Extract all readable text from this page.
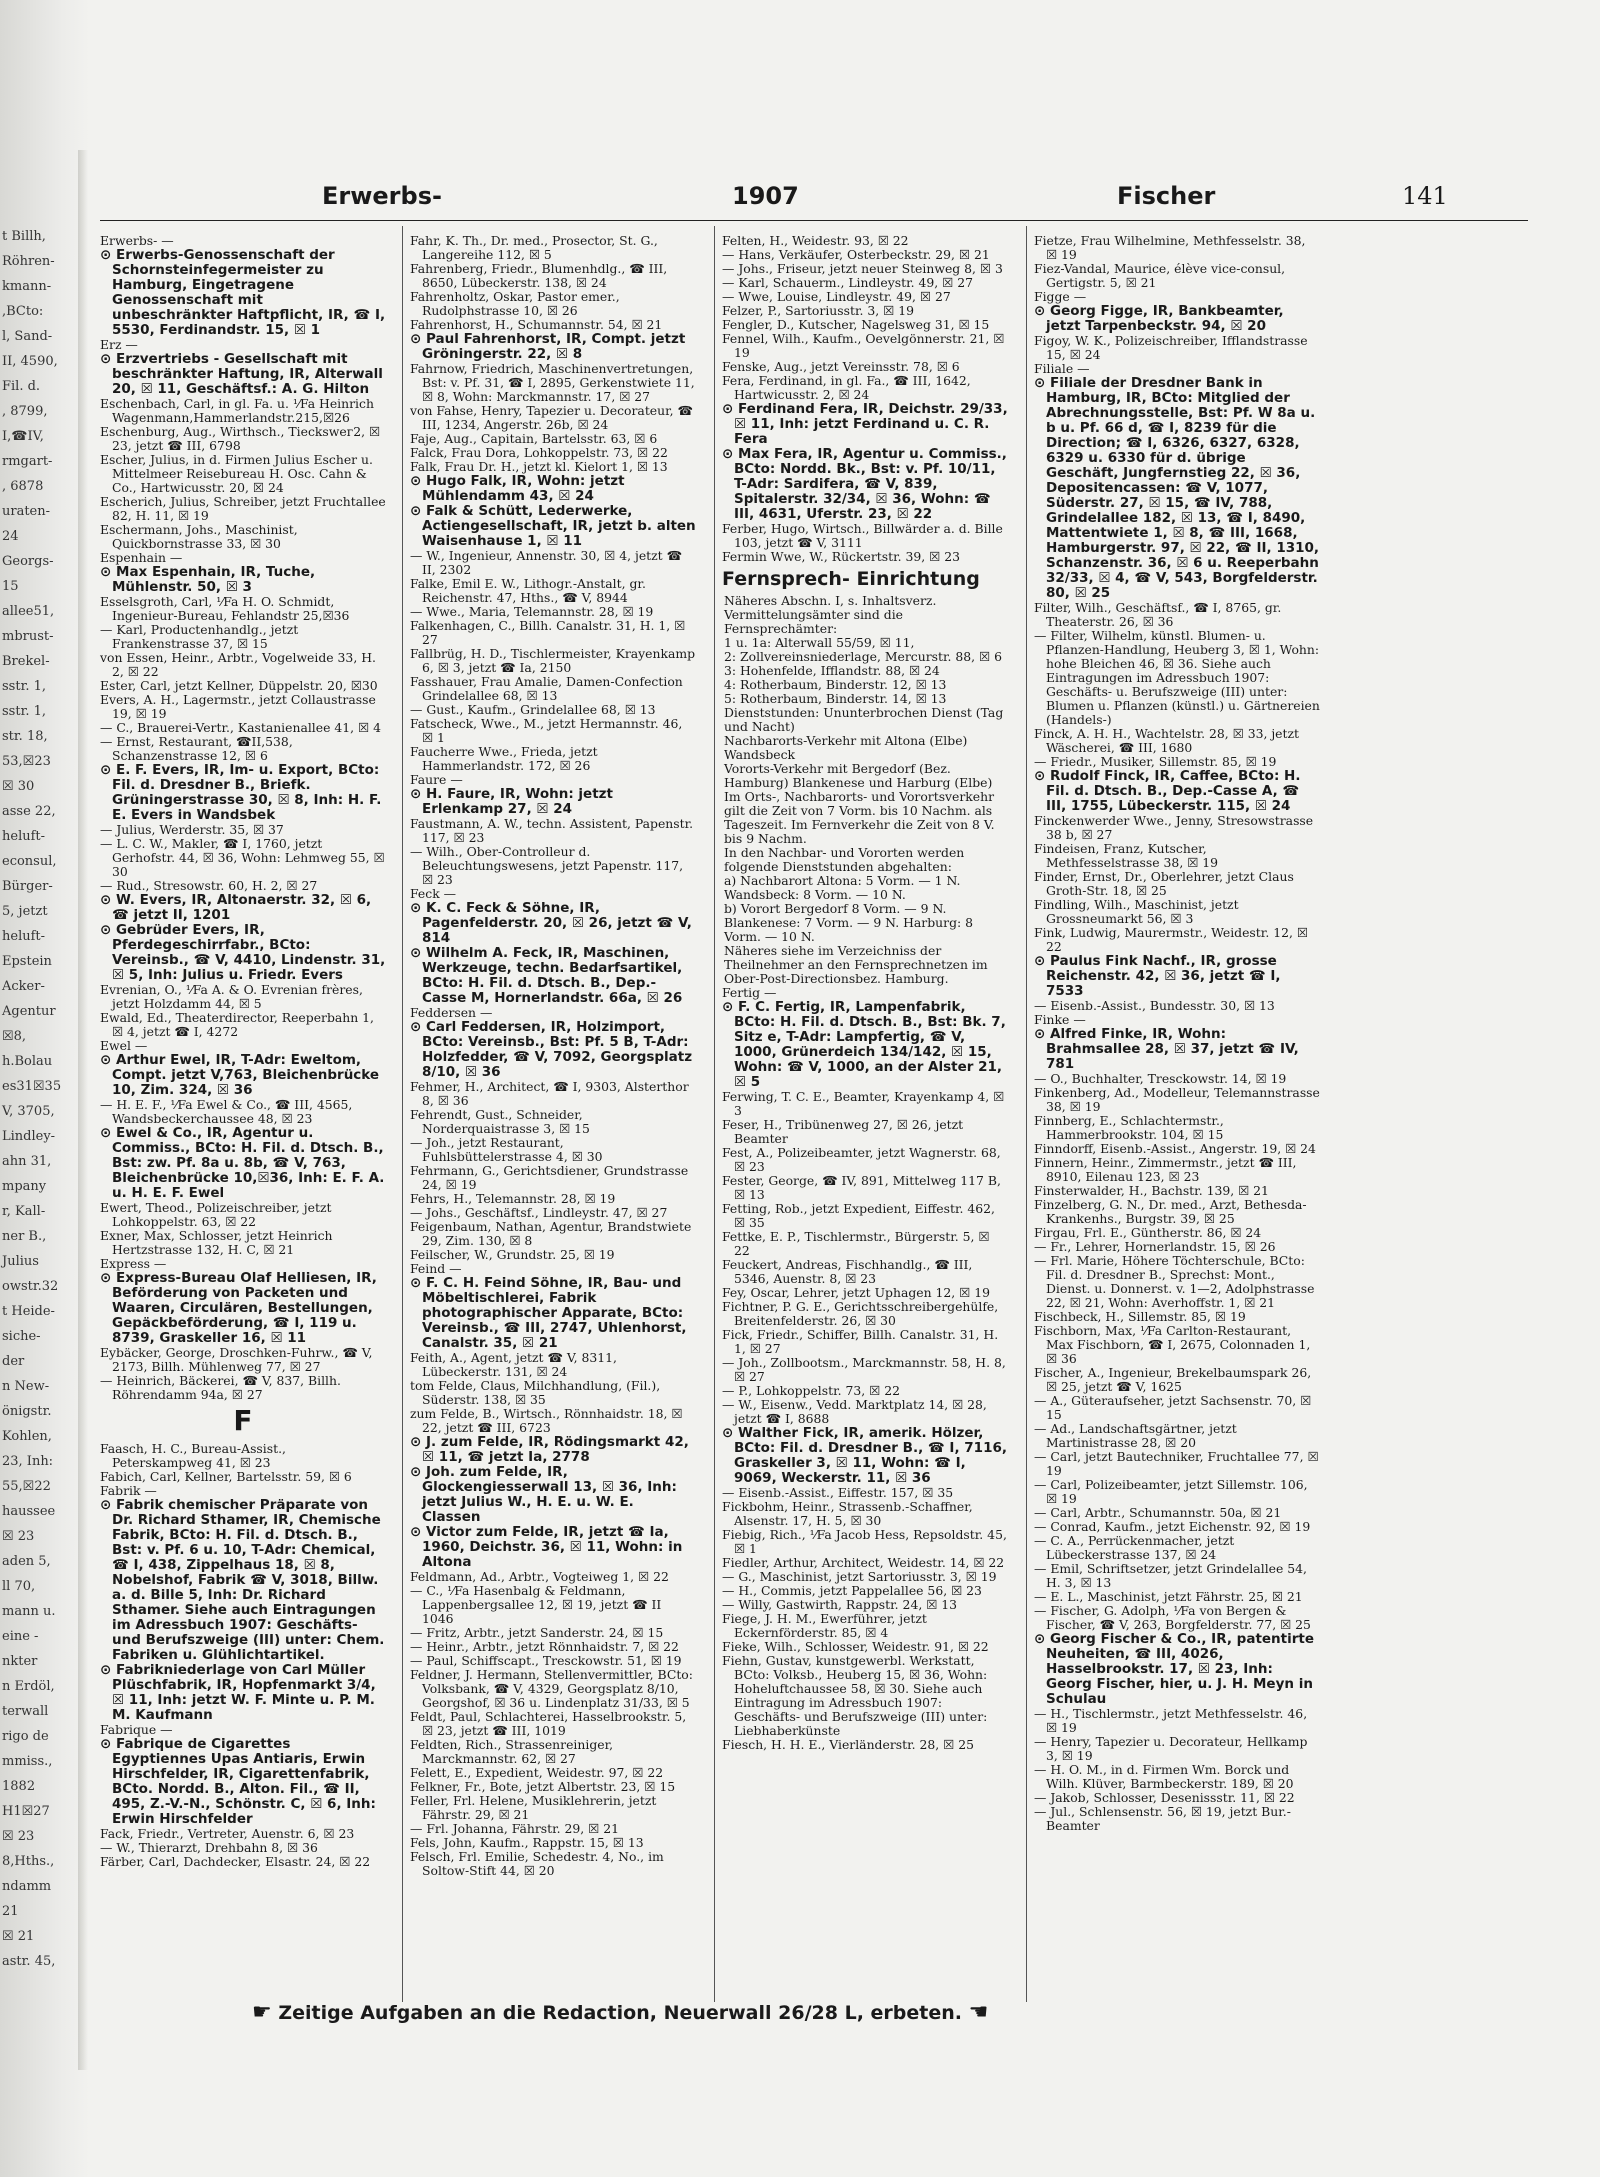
t Billh,
Röhren-
kmann-
,BCto:
l, Sand-
II, 4590,
Fil. d.
, 8799,
I,☎IV,
rmgart-
, 6878
uraten-
24
Georgs-
15
allee51,
mbrust-
Brekel-
sstr. 1,
sstr. 1,
str. 18,
53,☒23
☒ 30
asse 22,
heluft-
econsul,
Bürger-
5, jetzt
heluft-
Epstein
Acker-
Agentur
☒8,
h.Bolau
es31☒35
V, 3705,
Lindley-
ahn 31,
mpany
r, Kall-
ner B.,
Julius
owstr.32
t Heide-
siche-
der
n New-
önigstr.
Kohlen,
23, Inh:
55,☒22
haussee
☒ 23
aden 5,
ll 70,
mann u.
eine -
nkter
n Erdöl,
terwall
rigo de
mmiss.,
1882
H1☒27
☒ 23
8,Hths.,
ndamm
21
☒ 21
astr. 45,
Erwerbs-	1907	Fischer	141

Erwerbs- —

⊙ Erwerbs-Genossenschaft der Schornsteinfegermeister zu Hamburg, Eingetragene Genossenschaft mit unbeschränkter Haftpflicht, IR, ☎ I, 5530, Ferdinandstr. 15, ☒ 1

Erz —

⊙ Erzvertriebs - Gesellschaft mit beschränkter Haftung, IR, Alterwall 20, ☒ 11, Geschäftsf.: A. G. Hilton

Eschenbach, Carl, in gl. Fa. u. ⅟Fa Heinrich Wagenmann,Hammerlandstr.215,☒26

Eschenburg, Aug., Wirthsch., Tieckswег2, ☒ 23, jetzt ☎ III, 6798

Escher, Julius, in d. Firmen Julius Escher u. Mittelmeer Reisebureau H. Osc. Cahn & Co., Hartwicusstr. 20, ☒ 24

Escherich, Julius, Schreiber, jetzt Fruchtallee 82, H. 11, ☒ 19

Eschermann, Johs., Maschinist, Quickbornstrasse 33, ☒ 30

Espenhain —

⊙ Max Espenhain, IR, Tuche, Mühlenstr. 50, ☒ 3

Esselsgroth, Carl, ⅟Fa H. O. Schmidt, Ingenieur-Bureau, Fehlandstr 25,☒36

— Karl, Productenhandlg., jetzt Frankenstrasse 37, ☒ 15

von Essen, Heinr., Arbtr., Vogelweide 33, H. 2, ☒ 22

Ester, Carl, jetzt Kellner, Düppelstr. 20, ☒30

Evers, A. H., Lagermstr., jetzt Collaustrasse 19, ☒ 19

— C., Brauerei-Vertr., Kastanienallee 41, ☒ 4

— Ernst, Restaurant, ☎II,538, Schanzenstrasse 12, ☒ 6

⊙ E. F. Evers, IR, Im- u. Export, BCto: Fil. d. Dresdner B., Briefk. Grüningerstrasse 30, ☒ 8, Inh: H. F. E. Evers in Wandsbek

— Julius, Werderstr. 35, ☒ 37

— L. C. W., Makler, ☎ I, 1760, jetzt Gerhofstr. 44, ☒ 36, Wohn: Lehmweg 55, ☒ 30

— Rud., Stresowstr. 60, H. 2, ☒ 27

⊙ W. Evers, IR, Altonaerstr. 32, ☒ 6, ☎ jetzt II, 1201

⊙ Gebrüder Evers, IR, Pferdegeschirrfabr., BCto: Vereinsb., ☎ V, 4410, Lindenstr. 31, ☒ 5, Inh: Julius u. Friedr. Evers

Evrenian, O., ⅟Fa A. & O. Evrenian frères, jetzt Holzdamm 44, ☒ 5

Ewald, Ed., Theaterdirector, Reeperbahn 1, ☒ 4, jetzt ☎ I, 4272

Ewel —

⊙ Arthur Ewel, IR, T-Adr: Eweltom, Compt. jetzt V,763, Bleichenbrücke 10, Zim. 324, ☒ 36

— H. E. F., ⅟Fa Ewel & Co., ☎ III, 4565, Wandsbeckerchaussee 48, ☒ 23

⊙ Ewel & Co., IR, Agentur u. Commiss., BCto: H. Fil. d. Dtsch. B., Bst: zw. Pf. 8a u. 8b, ☎ V, 763, Bleichenbrücke 10,☒36, Inh: E. F. A. u. H. E. F. Ewel

Ewert, Theod., Polizeischreiber, jetzt Lohkoppelstr. 63, ☒ 22

Exner, Max, Schlosser, jetzt Heinrich Hertzstrasse 132, H. C, ☒ 21

Express —

⊙ Express-Bureau Olaf Helliesen, IR, Beförderung von Packeten und Waaren, Circulären, Bestellungen, Gepäckbeförderung, ☎ I, 119 u. 8739, Graskeller 16, ☒ 11

Eybäcker, George, Droschken-Fuhrw., ☎ V, 2173, Billh. Mühlenweg 77, ☒ 27

— Heinrich, Bäckerei, ☎ V, 837, Billh. Röhrendamm 94a, ☒ 27

F

Faasch, H. C., Bureau-Assist., Peterskampweg 41, ☒ 23

Fabich, Carl, Kellner, Bartelsstr. 59, ☒ 6

Fabrik —

⊙ Fabrik chemischer Präparate von Dr. Richard Sthamer, IR, Chemische Fabrik, BCto: H. Fil. d. Dtsch. B., Bst: v. Pf. 6 u. 10, T-Adr: Chemical, ☎ I, 438, Zippelhaus 18, ☒ 8, Nobelshof, Fabrik ☎ V, 3018, Billw. a. d. Bille 5, Inh: Dr. Richard Sthamer. Siehe auch Eintragungen im Adressbuch 1907: Geschäfts- und Berufszweige (III) unter: Chem. Fabriken u. Glühlichtartikel.

⊙ Fabrikniederlage von Carl Müller Plüschfabrik, IR, Hopfenmarkt 3/4, ☒ 11, Inh: jetzt W. F. Minte u. P. M. M. Kaufmann

Fabrique —

⊙ Fabrique de Cigarettes Egyptiennes Upas Antiaris, Erwin Hirschfelder, IR, Cigarettenfabrik, BCto. Nordd. B., Alton. Fil., ☎ II, 495, Z.-V.-N., Schönstr. C, ☒ 6, Inh: Erwin Hirschfelder

Fack, Friedr., Vertreter, Auenstr. 6, ☒ 23

— W., Thierarzt, Drehbahn 8, ☒ 36

Färber, Carl, Dachdecker, Elsastr. 24, ☒ 22

Fahr, K. Th., Dr. med., Prosector, St. G., Langereihe 112, ☒ 5

Fahrenberg, Friedr., Blumenhdlg., ☎ III, 8650, Lübeckerstr. 138, ☒ 24

Fahrenholtz, Oskar, Pastor emer., Rudolphstrasse 10, ☒ 26

Fahrenhorst, H., Schumannstr. 54, ☒ 21

⊙ Paul Fahrenhorst, IR, Compt. jetzt Gröningerstr. 22, ☒ 8

Fahrnow, Friedrich, Maschinenvertretungen, Bst: v. Pf. 31, ☎ I, 2895, Gerkenstwiete 11, ☒ 8, Wohn: Marckmannstr. 17, ☒ 27

von Fahse, Henry, Tapezier u. Decorateur, ☎ III, 1234, Angerstr. 26b, ☒ 24

Faje, Aug., Capitain, Bartelsstr. 63, ☒ 6

Falck, Frau Dora, Lohkoppelstr. 73, ☒ 22

Falk, Frau Dr. H., jetzt kl. Kielort 1, ☒ 13

⊙ Hugo Falk, IR, Wohn: jetzt Mühlendamm 43, ☒ 24

⊙ Falk & Schütt, Lederwerke, Actiengesellschaft, IR, jetzt b. alten Waisenhause 1, ☒ 11

— W., Ingenieur, Annenstr. 30, ☒ 4, jetzt ☎ II, 2302

Falke, Emil E. W., Lithogr.-Anstalt, gr. Reichenstr. 47, Hths., ☎ V, 8944

— Wwe., Maria, Telemannstr. 28, ☒ 19

Falkenhagen, C., Billh. Canalstr. 31, H. 1, ☒ 27

Fallbrüg, H. D., Tischlermeister, Krayenkamp 6, ☒ 3, jetzt ☎ Ia, 2150

Fasshauer, Frau Amalie, Damen-Confection Grindelallee 68, ☒ 13

— Gust., Kaufm., Grindelallee 68, ☒ 13

Fatscheck, Wwe., M., jetzt Hermannstr. 46, ☒ 1

Faucherre Wwe., Frieda, jetzt Hammerlandstr. 172, ☒ 26

Faure —

⊙ H. Faure, IR, Wohn: jetzt Erlenkamp 27, ☒ 24

Faustmann, A. W., techn. Assistent, Papenstr. 117, ☒ 23

— Wilh., Ober-Controlleur d. Beleuchtungswesens, jetzt Papenstr. 117, ☒ 23

Feck —

⊙ K. C. Feck & Söhne, IR, Pagenfelderstr. 20, ☒ 26, jetzt ☎ V, 814

⊙ Wilhelm A. Feck, IR, Maschinen, Werkzeuge, techn. Bedarfsartikel, BCto: H. Fil. d. Dtsch. B., Dep.-Casse M, Hornerlandstr. 66a, ☒ 26

Feddersen —

⊙ Carl Feddersen, IR, Holzimport, BCto: Vereinsb., Bst: Pf. 5 B, T-Adr: Holzfedder, ☎ V, 7092, Georgsplatz 8/10, ☒ 36

Fehmer, H., Architect, ☎ I, 9303, Alsterthor 8, ☒ 36

Fehrendt, Gust., Schneider, Norderquaistrasse 3, ☒ 15

— Joh., jetzt Restaurant, Fuhlsbüttelerstrasse 4, ☒ 30

Fehrmann, G., Gerichtsdiener, Grundstrasse 24, ☒ 19

Fehrs, H., Telemannstr. 28, ☒ 19

— Johs., Geschäftsf., Lindleystr. 47, ☒ 27

Feigenbaum, Nathan, Agentur, Brandstwiete 29, Zim. 130, ☒ 8

Feilscher, W., Grundstr. 25, ☒ 19

Feind —

⊙ F. C. H. Feind Söhne, IR, Bau- und Möbeltischlerei, Fabrik photographischer Apparate, BCto: Vereinsb., ☎ III, 2747, Uhlenhorst, Canalstr. 35, ☒ 21

Feith, A., Agent, jetzt ☎ V, 8311, Lübeckerstr. 131, ☒ 24

tom Felde, Claus, Milchhandlung, (Fil.), Süderstr. 138, ☒ 35

zum Felde, B., Wirtsch., Rönnhaidstr. 18, ☒ 22, jetzt ☎ III, 6723

⊙ J. zum Felde, IR, Rödingsmarkt 42, ☒ 11, ☎ jetzt Ia, 2778

⊙ Joh. zum Felde, IR, Glockengiesserwall 13, ☒ 36, Inh: jetzt Julius W., H. E. u. W. E. Classen

⊙ Victor zum Felde, IR, jetzt ☎ Ia, 1960, Deichstr. 36, ☒ 11, Wohn: in Altona

Feldmann, Ad., Arbtr., Vogteiweg 1, ☒ 22

— C., ⅟Fa Hasenbalg & Feldmann, Lappenbergsallee 12, ☒ 19, jetzt ☎ II 1046

— Fritz, Arbtr., jetzt Sanderstr. 24, ☒ 15

— Heinr., Arbtr., jetzt Rönnhaidstr. 7, ☒ 22

— Paul, Schiffscapt., Tresckowstr. 51, ☒ 19

Feldner, J. Hermann, Stellenvermittler, BCto: Volksbank, ☎ V, 4329, Georgsplatz 8/10, Georgshof, ☒ 36 u. Lindenplatz 31/33, ☒ 5

Feldt, Paul, Schlachterei, Hasselbrookstr. 5, ☒ 23, jetzt ☎ III, 1019

Feldten, Rich., Strassenreiniger, Marckmannstr. 62, ☒ 27

Felett, E., Expedient, Weidestr. 97, ☒ 22

Felkner, Fr., Bote, jetzt Albertstr. 23, ☒ 15

Feller, Frl. Helene, Musiklehrerin, jetzt Fährstr. 29, ☒ 21

— Frl. Johanna, Fährstr. 29, ☒ 21

Fels, John, Kaufm., Rappstr. 15, ☒ 13

Felsch, Frl. Emilie, Schedestr. 4, No., im Soltow-Stift 44, ☒ 20

Felten, H., Weidestr. 93, ☒ 22

— Hans, Verkäufer, Osterbeckstr. 29, ☒ 21

— Johs., Friseur, jetzt neuer Steinweg 8, ☒ 3

— Karl, Schauerm., Lindleystr. 49, ☒ 27

— Wwe, Louise, Lindleystr. 49, ☒ 27

Felzer, P., Sartoriusstr. 3, ☒ 19

Fengler, D., Kutscher, Nagelsweg 31, ☒ 15

Fennel, Wilh., Kaufm., Oevelgönnerstr. 21, ☒ 19

Fenske, Aug., jetzt Vereinsstr. 78, ☒ 6

Fera, Ferdinand, in gl. Fa., ☎ III, 1642, Hartwicusstr. 2, ☒ 24

⊙ Ferdinand Fera, IR, Deichstr. 29/33, ☒ 11, Inh: jetzt Ferdinand u. C. R. Fera

⊙ Max Fera, IR, Agentur u. Commiss., BCto: Nordd. Bk., Bst: v. Pf. 10/11, T-Adr: Sardifera, ☎ V, 839, Spitalerstr. 32/34, ☒ 36, Wohn: ☎ III, 4631, Uferstr. 23, ☒ 22

Ferber, Hugo, Wirtsch., Billwärder a. d. Bille 103, jetzt ☎ V, 3111

Fermin Wwe, W., Rückertstr. 39, ☒ 23

Fernsprech- Einrichtung

Näheres Abschn. I, s. Inhaltsverz.

Vermittelungsämter sind die Fernsprechämter:

1 u. 1a: Alterwall 55/59, ☒ 11,

2: Zollvereinsniederlage, Mercurstr. 88, ☒ 6

3: Hohenfelde, Ifflandstr. 88, ☒ 24

4: Rotherbaum, Binderstr. 12, ☒ 13

5: Rotherbaum, Binderstr. 14, ☒ 13

Dienststunden: Ununterbrochen Dienst (Tag und Nacht)

Nachbarorts-Verkehr mit Altona (Elbe) Wandsbeck

Vororts-Verkehr mit Bergedorf (Bez. Hamburg) Blankenese und Harburg (Elbe)

Im Orts-, Nachbarorts- und Vorortsverkehr gilt die Zeit von 7 Vorm. bis 10 Nachm. als Tageszeit. Im Fernverkehr die Zeit von 8 V. bis 9 Nachm.

In den Nachbar- und Vororten werden folgende Dienststunden abgehalten:

a) Nachbarort Altona: 5 Vorm. — 1 N. Wandsbeck: 8 Vorm. — 10 N.

b) Vorort Bergedorf 8 Vorm. — 9 N. Blankenese: 7 Vorm. — 9 N. Harburg: 8 Vorm. — 10 N.

Näheres siehe im Verzeichniss der Theilnehmer an den Fernsprechnetzen im Ober-Post-Directionsbez. Hamburg.

Fertig —

⊙ F. C. Fertig, IR, Lampenfabrik, BCto: H. Fil. d. Dtsch. B., Bst: Bk. 7, Sitz e, T-Adr: Lampfertig, ☎ V, 1000, Grünerdeich 134/142, ☒ 15, Wohn: ☎ V, 1000, an der Alster 21, ☒ 5

Ferwing, T. C. E., Beamter, Krayenkamp 4, ☒ 3

Feser, H., Tribünenweg 27, ☒ 26, jetzt Beamter

Fest, A., Polizeibeamter, jetzt Wagnerstr. 68, ☒ 23

Fester, George, ☎ IV, 891, Mittelweg 117 B, ☒ 13

Fetting, Rob., jetzt Expedient, Eiffestr. 462, ☒ 35

Fettke, E. P., Tischlermstr., Bürgerstr. 5, ☒ 22

Feuckert, Andreas, Fischhandlg., ☎ III, 5346, Auenstr. 8, ☒ 23

Fey, Oscar, Lehrer, jetzt Uphagen 12, ☒ 19

Fichtner, P. G. E., Gerichtsschreibergehülfe, Breitenfelderstr. 26, ☒ 30

Fick, Friedr., Schiffer, Billh. Canalstr. 31, H. 1, ☒ 27

— Joh., Zollbootsm., Marckmannstr. 58, H. 8, ☒ 27

— P., Lohkoppelstr. 73, ☒ 22

— W., Eisenw., Vedd. Marktplatz 14, ☒ 28, jetzt ☎ I, 8688

⊙ Walther Fick, IR, amerik. Hölzer, BCto: Fil. d. Dresdner B., ☎ I, 7116, Graskeller 3, ☒ 11, Wohn: ☎ I, 9069, Weckerstr. 11, ☒ 36

— Eisenb.-Assist., Eiffestr. 157, ☒ 35

Fickbohm, Heinr., Strassenb.-Schaffner, Alsenstr. 17, H. 5, ☒ 30

Fiebig, Rich., ⅟Fa Jacob Hess, Repsoldstr. 45, ☒ 1

Fiedler, Arthur, Architect, Weidestr. 14, ☒ 22

— G., Maschinist, jetzt Sartoriusstr. 3, ☒ 19

— H., Commis, jetzt Pappelallee 56, ☒ 23

— Willy, Gastwirth, Rappstr. 24, ☒ 13

Fiege, J. H. M., Ewerführer, jetzt Eckernförderstr. 85, ☒ 4

Fieke, Wilh., Schlosser, Weidestr. 91, ☒ 22

Fiehn, Gustav, kunstgewerbl. Werkstatt, BCto: Volksb., Heuberg 15, ☒ 36, Wohn: Hoheluftchaussee 58, ☒ 30. Siehe auch Eintragung im Adressbuch 1907: Geschäfts- und Berufszweige (III) unter: Liebhaberkünste

Fiesch, H. H. E., Vierländerstr. 28, ☒ 25

Fietze, Frau Wilhelmine, Methfesselstr. 38, ☒ 19

Fiez-Vandal, Maurice, élève vice-consul, Gertigstr. 5, ☒ 21

Figge —

⊙ Georg Figge, IR, Bankbeamter, jetzt Tarpenbeckstr. 94, ☒ 20

Figoy, W. K., Polizeischreiber, Ifflandstrasse 15, ☒ 24

Filiale —

⊙ Filiale der Dresdner Bank in Hamburg, IR, BCto: Mitglied der Abrechnungsstelle, Bst: Pf. W 8a u. b u. Pf. 66 d, ☎ I, 8239 für die Direction; ☎ I, 6326, 6327, 6328, 6329 u. 6330 für d. übrige Geschäft, Jungfernstieg 22, ☒ 36, Depositencassen: ☎ V, 1077, Süderstr. 27, ☒ 15, ☎ IV, 788, Grindelallee 182, ☒ 13, ☎ I, 8490, Mattentwiete 1, ☒ 8, ☎ III, 1668, Hamburgerstr. 97, ☒ 22, ☎ II, 1310, Schanzenstr. 36, ☒ 6 u. Reeperbahn 32/33, ☒ 4, ☎ V, 543, Borgfelderstr. 80, ☒ 25

Filter, Wilh., Geschäftsf., ☎ I, 8765, gr. Theaterstr. 26, ☒ 36

— Filter, Wilhelm, künstl. Blumen- u. Pflanzen-Handlung, Heuberg 3, ☒ 1, Wohn: hohe Bleichen 46, ☒ 36. Siehe auch Eintragungen im Adressbuch 1907: Geschäfts- u. Berufszweige (III) unter: Blumen u. Pflanzen (künstl.) u. Gärtnereien (Handels-)

Finck, A. H. H., Wachtelstr. 28, ☒ 33, jetzt Wäscherei, ☎ III, 1680

— Friedr., Musiker, Sillemstr. 85, ☒ 19

⊙ Rudolf Finck, IR, Caffee, BCto: H. Fil. d. Dtsch. B., Dep.-Casse A, ☎ III, 1755, Lübeckerstr. 115, ☒ 24

Finckenwerder Wwe., Jenny, Stresowstrasse 38 b, ☒ 27

Findeisen, Franz, Kutscher, Methfesselstrasse 38, ☒ 19

Finder, Ernst, Dr., Oberlehrer, jetzt Claus Groth-Str. 18, ☒ 25

Findling, Wilh., Maschinist, jetzt Grossneumarkt 56, ☒ 3

Fink, Ludwig, Maurermstr., Weidestr. 12, ☒ 22

⊙ Paulus Fink Nachf., IR, grosse Reichenstr. 42, ☒ 36, jetzt ☎ I, 7533

— Eisenb.-Assist., Bundesstr. 30, ☒ 13

Finke —

⊙ Alfred Finke, IR, Wohn: Brahmsallee 28, ☒ 37, jetzt ☎ IV, 781

— O., Buchhalter, Tresckowstr. 14, ☒ 19

Finkenberg, Ad., Modelleur, Telemannstrasse 38, ☒ 19

Finnberg, E., Schlachtermstr., Hammerbrookstr. 104, ☒ 15

Finndorff, Eisenb.-Assist., Angerstr. 19, ☒ 24

Finnern, Heinr., Zimmermstr., jetzt ☎ III, 8910, Eilenau 123, ☒ 23

Finsterwalder, H., Bachstr. 139, ☒ 21

Finzelberg, G. N., Dr. med., Arzt, Bethesda-Krankenhs., Burgstr. 39, ☒ 25

Firgau, Frl. E., Güntherstr. 86, ☒ 24

— Fr., Lehrer, Hornerlandstr. 15, ☒ 26

— Frl. Marie, Höhere Töchterschule, BCto: Fil. d. Dresdner B., Sprechst: Mont., Dienst. u. Donnerst. v. 1—2, Adolphstrasse 22, ☒ 21, Wohn: Averhoffstr. 1, ☒ 21

Fischbeck, H., Sillemstr. 85, ☒ 19

Fischborn, Max, ⅟Fa Carlton-Restaurant, Max Fischborn, ☎ I, 2675, Colonnaden 1, ☒ 36

Fischer, A., Ingenieur, Brekelbaumspark 26, ☒ 25, jetzt ☎ V, 1625

— A., Güteraufseher, jetzt Sachsenstr. 70, ☒ 15

— Ad., Landschaftsgärtner, jetzt Martinistrasse 28, ☒ 20

— Carl, jetzt Bautechniker, Fruchtallee 77, ☒ 19

— Carl, Polizeibeamter, jetzt Sillemstr. 106, ☒ 19

— Carl, Arbtr., Schumannstr. 50a, ☒ 21

— Conrad, Kaufm., jetzt Eichenstr. 92, ☒ 19

— C. A., Perrückenmacher, jetzt Lübeckerstrasse 137, ☒ 24

— Emil, Schriftsetzer, jetzt Grindelallee 54, H. 3, ☒ 13

— E. L., Maschinist, jetzt Fährstr. 25, ☒ 21

— Fischer, G. Adolph, ⅟Fa von Bergen & Fischer, ☎ V, 263, Borgfelderstr. 77, ☒ 25

⊙ Georg Fischer & Co., IR, patentirte Neuheiten, ☎ III, 4026, Hasselbrookstr. 17, ☒ 23, Inh: Georg Fischer, hier, u. J. H. Meyn in Schulau

— H., Tischlermstr., jetzt Methfesselstr. 46, ☒ 19

— Henry, Tapezier u. Decorateur, Hellkamp 3, ☒ 19

— H. O. M., in d. Firmen Wm. Borck und Wilh. Klüver, Barmbeckerstr. 189, ☒ 20

— Jakob, Schlosser, Desenissstr. 11, ☒ 22

— Jul., Schlensenstr. 56, ☒ 19, jetzt Bur.-Beamter

☛ Zeitige Aufgaben an die Redaction, Neuerwall 26/28 L, erbeten. ☚
